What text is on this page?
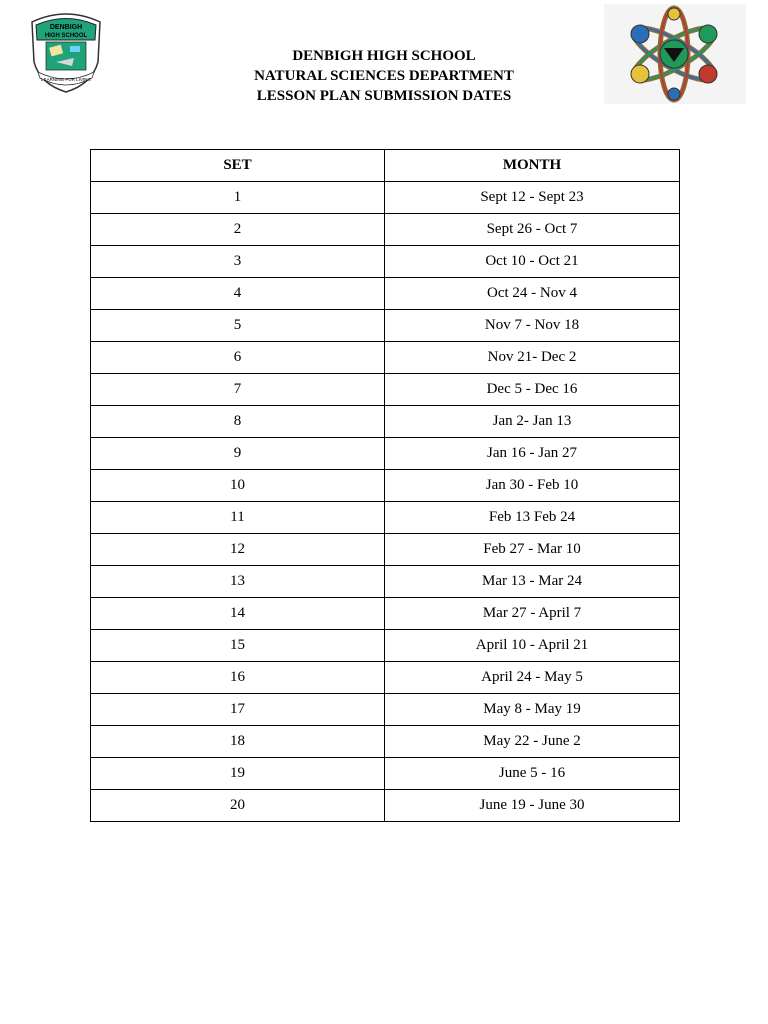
DENBIGH
HIGH SCHOOL
LEARNING FOR LIVING
DENBIGH HIGH SCHOOL
NATURAL SCIENCES DEPARTMENT
LESSON PLAN SUBMISSION DATES
SET	MONTH
1	Sept 12 - Sept 23
2	Sept 26 - Oct 7
3	Oct 10 - Oct 21
4	Oct 24 - Nov 4
5	Nov 7 - Nov 18
6	Nov 21- Dec 2
7	Dec 5 - Dec 16
8	Jan 2- Jan 13
9	Jan 16 - Jan 27
10	Jan 30 - Feb 10
11	Feb 13 Feb 24
12	Feb 27 - Mar 10
13	Mar 13 - Mar 24
14	Mar 27 - April 7
15	April 10 - April 21
16	April 24 - May 5
17	May 8 - May 19
18	May 22 - June 2
19	June 5 - 16
20	June 19 - June 30
